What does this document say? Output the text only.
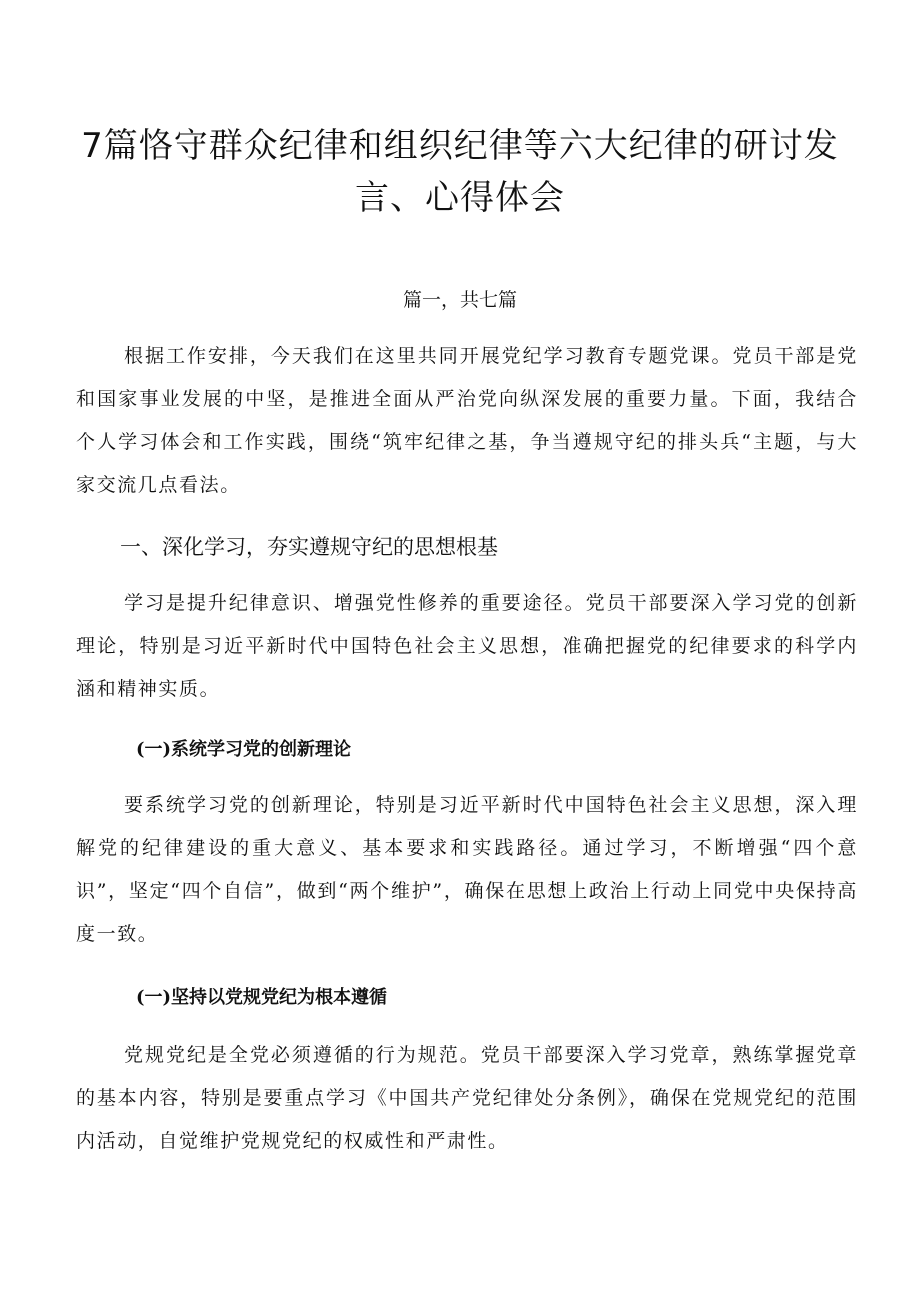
7篇恪守群众纪律和组织纪律等六大纪律的研讨发言、心得体会

篇一，共七篇

根据工作安排，今天我们在这里共同开展党纪学习教育专题党课。党员干部是党和国家事业发展的中坚，是推进全面从严治党向纵深发展的重要力量。下面，我结合个人学习体会和工作实践，围绕“筑牢纪律之基，争当遵规守纪的排头兵“主题，与大家交流几点看法。

一、深化学习，夯实遵规守纪的思想根基

学习是提升纪律意识、增强党性修养的重要途径。党员干部要深入学习党的创新理论，特别是习近平新时代中国特色社会主义思想，准确把握党的纪律要求的科学内涵和精神实质。

(一)系统学习党的创新理论

要系统学习党的创新理论，特别是习近平新时代中国特色社会主义思想，深入理解党的纪律建设的重大意义、基本要求和实践路径。通过学习，不断增强“四个意识”，坚定“四个自信”，做到“两个维护”，确保在思想上政治上行动上同党中央保持高度一致。

(一)坚持以党规党纪为根本遵循

党规党纪是全党必须遵循的行为规范。党员干部要深入学习党章，熟练掌握党章的基本内容，特别是要重点学习《中国共产党纪律处分条例》，确保在党规党纪的范围内活动，自觉维护党规党纪的权威性和严肃性。
